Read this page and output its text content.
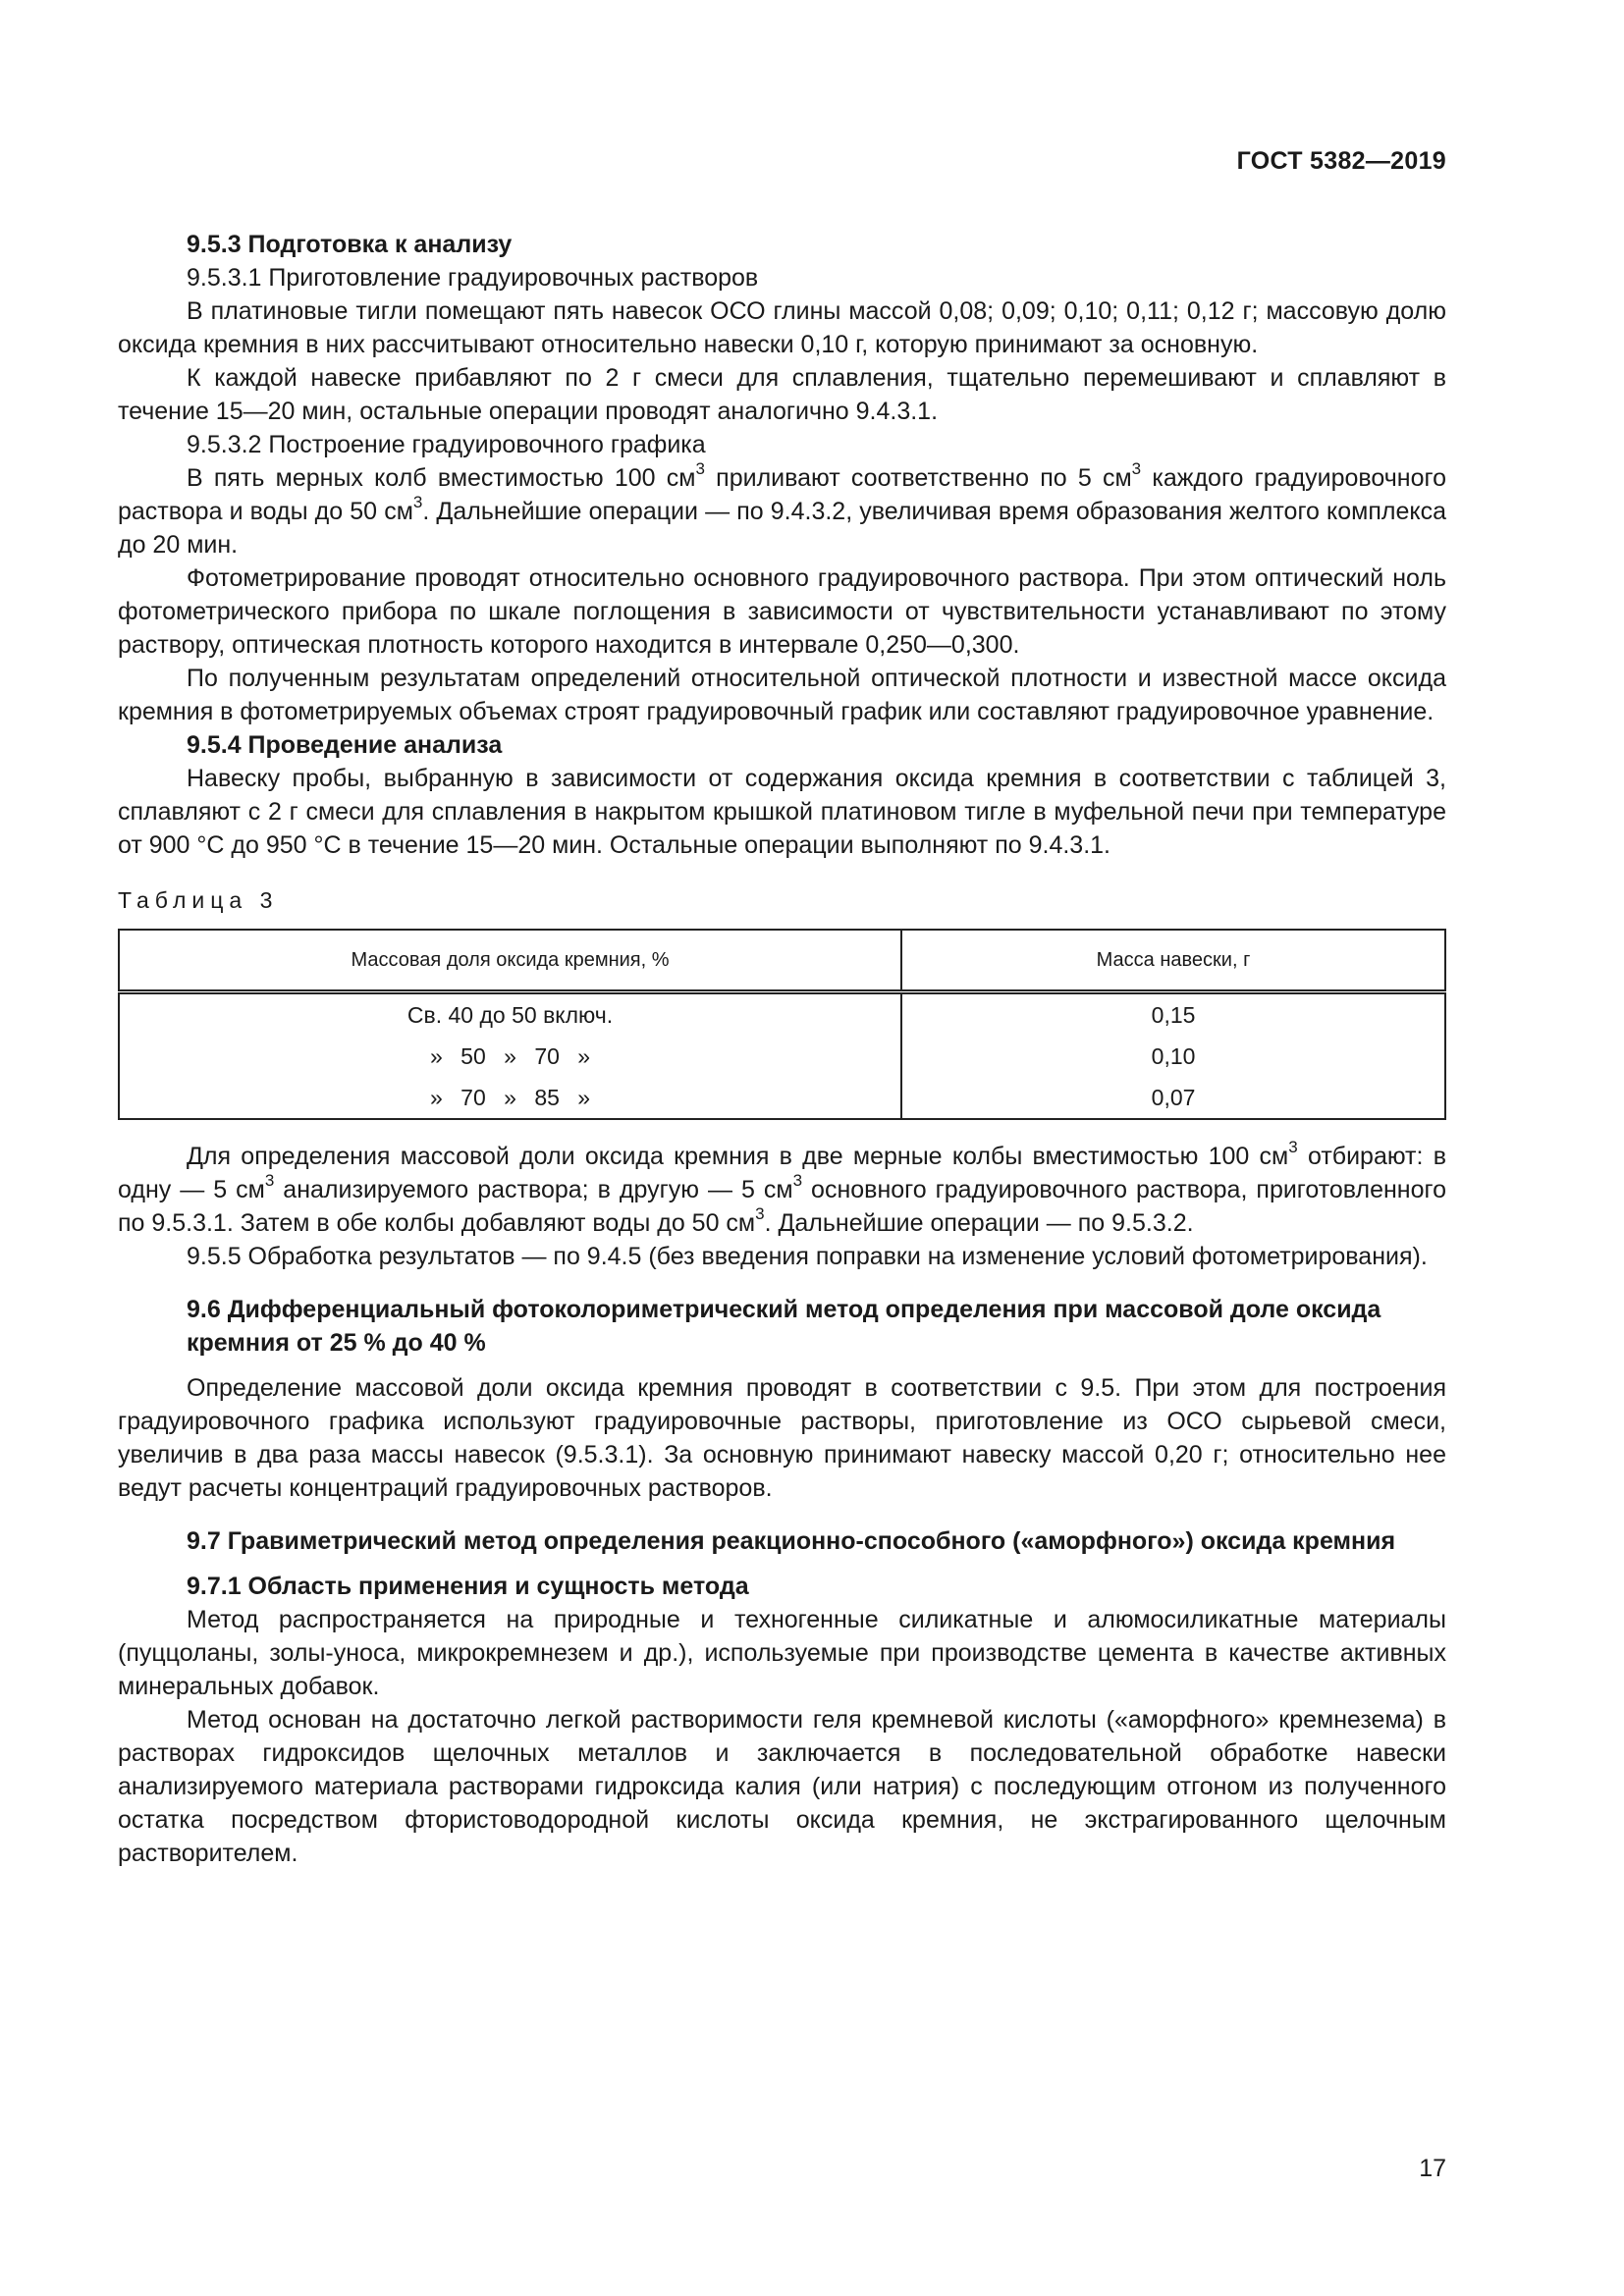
ГОСТ 5382—2019

9.5.3 Подготовка к анализу

9.5.3.1 Приготовление градуировочных растворов

В платиновые тигли помещают пять навесок ОСО глины массой 0,08; 0,09; 0,10; 0,11; 0,12 г; массовую долю оксида кремния в них рассчитывают относительно навески 0,10 г, которую принимают за основную.

К каждой навеске прибавляют по 2 г смеси для сплавления, тщательно перемешивают и сплавляют в течение 15—20 мин, остальные операции проводят аналогично 9.4.3.1.

9.5.3.2 Построение градуировочного графика

В пять мерных колб вместимостью 100 $см^3$ приливают соответственно по 5 $см^3$ каждого градуировочного раствора и воды до 50 $см^3$. Дальнейшие операции — по 9.4.3.2, увеличивая время образования желтого комплекса до 20 мин.

Фотометрирование проводят относительно основного градуировочного раствора. При этом оптический ноль фотометрического прибора по шкале поглощения в зависимости от чувствительности устанавливают по этому раствору, оптическая плотность которого находится в интервале 0,250—0,300.

По полученным результатам определений относительной оптической плотности и известной массе оксида кремния в фотометрируемых объемах строят градуировочный график или составляют градуировочное уравнение.

9.5.4 Проведение анализа

Навеску пробы, выбранную в зависимости от содержания оксида кремния в соответствии с таблицей 3, сплавляют с 2 г смеси для сплавления в накрытом крышкой платиновом тигле в муфельной печи при температуре от 900 °С до 950 °С в течение 15—20 мин. Остальные операции выполняют по 9.4.3.1.

Таблица 3

Массовая доля оксида кремния, %	Масса навески, г
Св. 40 до 50 включ.	0,15
» 50 » 70 »	0,10
» 70 » 85 »	0,07

Для определения массовой доли оксида кремния в две мерные колбы вместимостью 100 $см^3$ отбирают: в одну — 5 $см^3$ анализируемого раствора; в другую — 5 $см^3$ основного градуировочного раствора, приготовленного по 9.5.3.1. Затем в обе колбы добавляют воды до 50 $см^3$. Дальнейшие операции — по 9.5.3.2.

9.5.5 Обработка результатов — по 9.4.5 (без введения поправки на изменение условий фотометрирования).

9.6 Дифференциальный фотоколориметрический метод определения при массовой доле оксида кремния от 25 % до 40 %

Определение массовой доли оксида кремния проводят в соответствии с 9.5. При этом для построения градуировочного графика используют градуировочные растворы, приготовление из ОСО сырьевой смеси, увеличив в два раза массы навесок (9.5.3.1). За основную принимают навеску массой 0,20 г; относительно нее ведут расчеты концентраций градуировочных растворов.

9.7 Гравиметрический метод определения реакционно-способного («аморфного») оксида кремния

9.7.1 Область применения и сущность метода

Метод распространяется на природные и техногенные силикатные и алюмосиликатные материалы (пуццоланы, золы-уноса, микрокремнезем и др.), используемые при производстве цемента в качестве активных минеральных добавок.

Метод основан на достаточно легкой растворимости геля кремневой кислоты («аморфного» кремнезема) в растворах гидроксидов щелочных металлов и заключается в последовательной обработке навески анализируемого материала растворами гидроксида калия (или натрия) с последующим отгоном из полученного остатка посредством фтористоводородной кислоты оксида кремния, не экстрагированного щелочным растворителем.

17
